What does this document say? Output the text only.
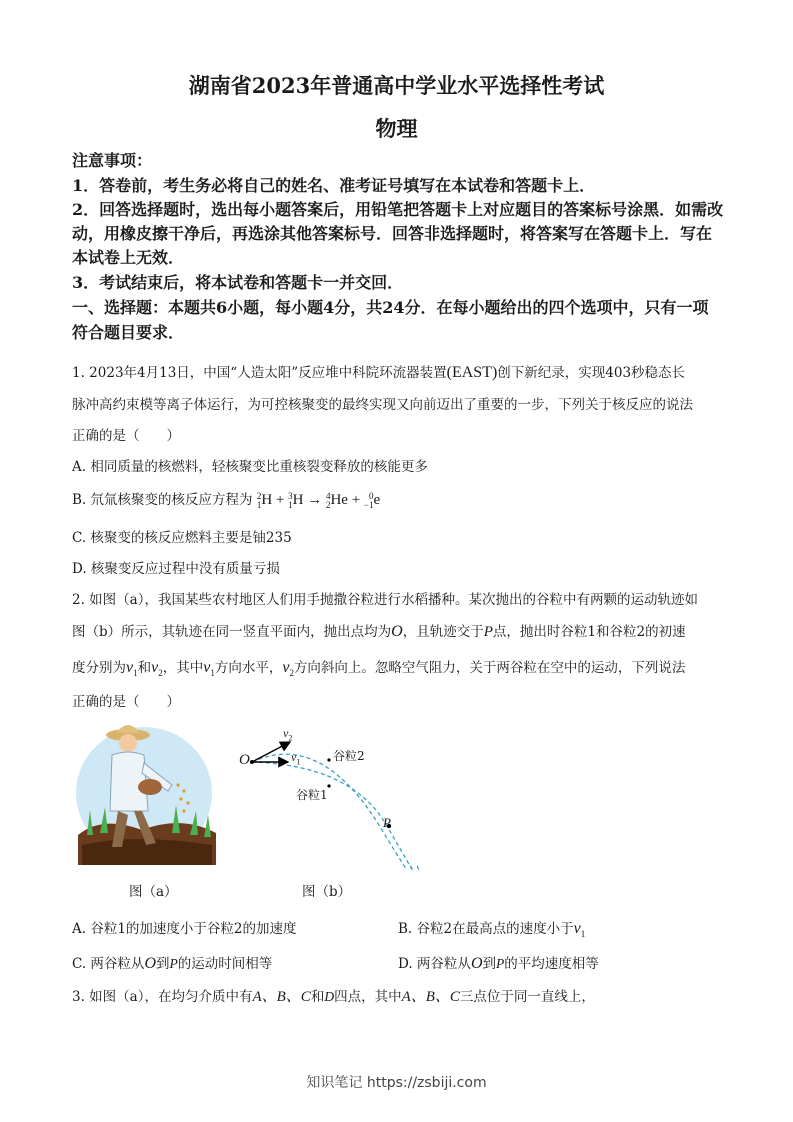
湖南省2023年普通高中学业水平选择性考试
物理
注意事项：
1．答卷前，考生务必将自己的姓名、准考证号填写在本试卷和答题卡上．
2．回答选择题时，选出每小题答案后，用铅笔把答题卡上对应题目的答案标号涂黑．如需改
动，用橡皮擦干净后，再选涂其他答案标号．回答非选择题时，将答案写在答题卡上．写在
本试卷上无效．
3．考试结束后，将本试卷和答题卡一并交回．
一、选择题：本题共6小题，每小题4分，共24分．在每小题给出的四个选项中，只有一项
符合题目要求．
1. 2023年4月13日，中国“人造太阳”反应堆中科院环流器装置(EAST)创下新纪录，实现403秒稳态长
脉冲高约束模等离子体运行，为可控核聚变的最终实现又向前迈出了重要的一步，下列关于核反应的说法
正确的是（　　）
A. 相同质量的核燃料，轻核聚变比重核裂变释放的核能更多
B. 氘氚核聚变的核反应方程为 2
1H + 3
1H → 4
2He + 0
−1e
C. 核聚变的核反应燃料主要是铀235
D. 核聚变反应过程中没有质量亏损
2. 如图（a），我国某些农村地区人们用手抛撒谷粒进行水稻播种。某次抛出的谷粒中有两颗的运动轨迹如
图（b）所示，其轨迹在同一竖直平面内，抛出点均为O，且轨迹交于P点，抛出时谷粒1和谷粒2的初速
度分别为$v_1$和$v_2$，其中$v_1$方向水平，$v_2$方向斜向上。忽略空气阻力，关于两谷粒在空中的运动，下列说法
正确的是（　　）
图（a）
O
P
$v_2$
$v_1$	谷粒2
谷粒1
图（b）
A. 谷粒1的加速度小于谷粒2的加速度	B. 谷粒2在最高点的速度小于$v_1$
C. 两谷粒从O到P的运动时间相等	D. 两谷粒从O到P的平均速度相等
3. 如图（a），在均匀介质中有A、B、C和D四点，其中A、B、C三点位于同一直线上，
知识笔记 https://zsbiji.com
